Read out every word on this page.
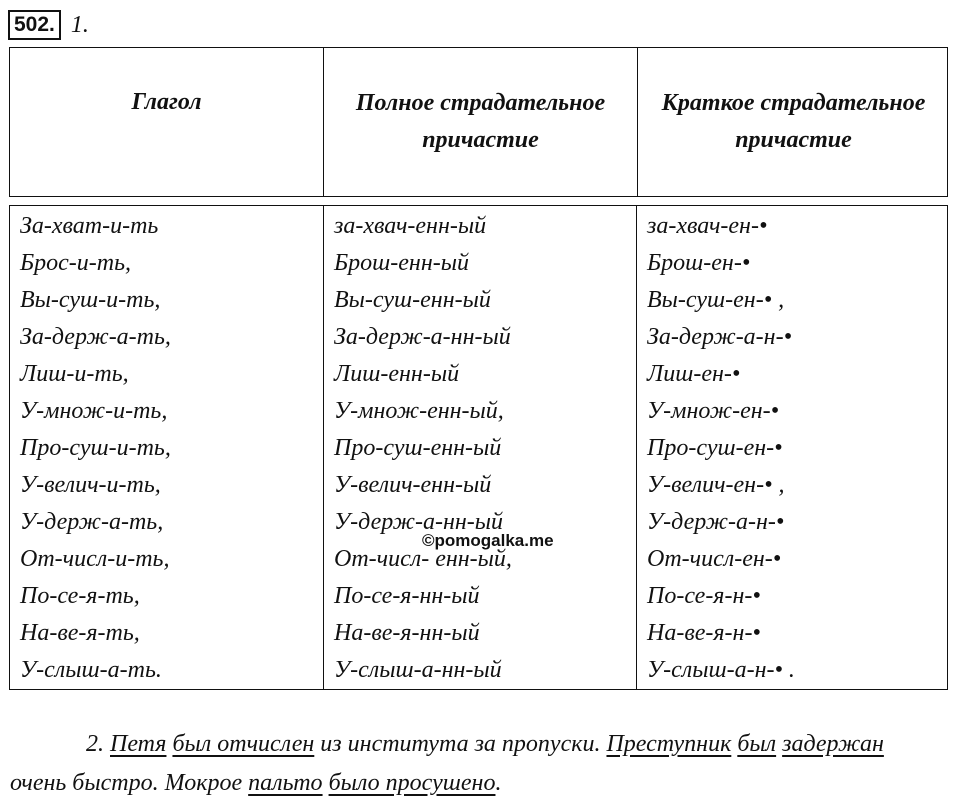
502. 1.
Глагол	Полное страдательное причастие
Краткое страдательное причастие
За-хват-и-ть
Брос-и-ть,
Вы-суш-и-ть,
За-держ-а-ть,
Лиш-и-ть,
У-множ-и-ть,
Про-суш-и-ть,
У-велич-и-ть,
У-держ-а-ть,
От-числ-и-ть,
По-се-я-ть,
На-ве-я-ть,
У-слыш-а-ть.
за-хвач-енн-ый
Брош-енн-ый
Вы-суш-енн-ый
За-держ-а-нн-ый
Лиш-енн-ый
У-множ-енн-ый,
Про-суш-енн-ый
У-велич-енн-ый
У-держ-а-нн-ый
От-числ- енн-ый,
По-се-я-нн-ый
На-ве-я-нн-ый
У-слыш-а-нн-ый
за-хвач-ен-•
Брош-ен-•
Вы-суш-ен-• ,
За-держ-а-н-•
Лиш-ен-•
У-множ-ен-•
Про-суш-ен-•
У-велич-ен-• ,
У-держ-а-н-•
От-числ-ен-•
По-се-я-н-•
На-ве-я-н-•
У-слыш-а-н-• .
©pomogalka.me
2. Петя был отчислен из института за пропуски. Преступник был задержан очень быстро. Мокрое пальто было просушено.
